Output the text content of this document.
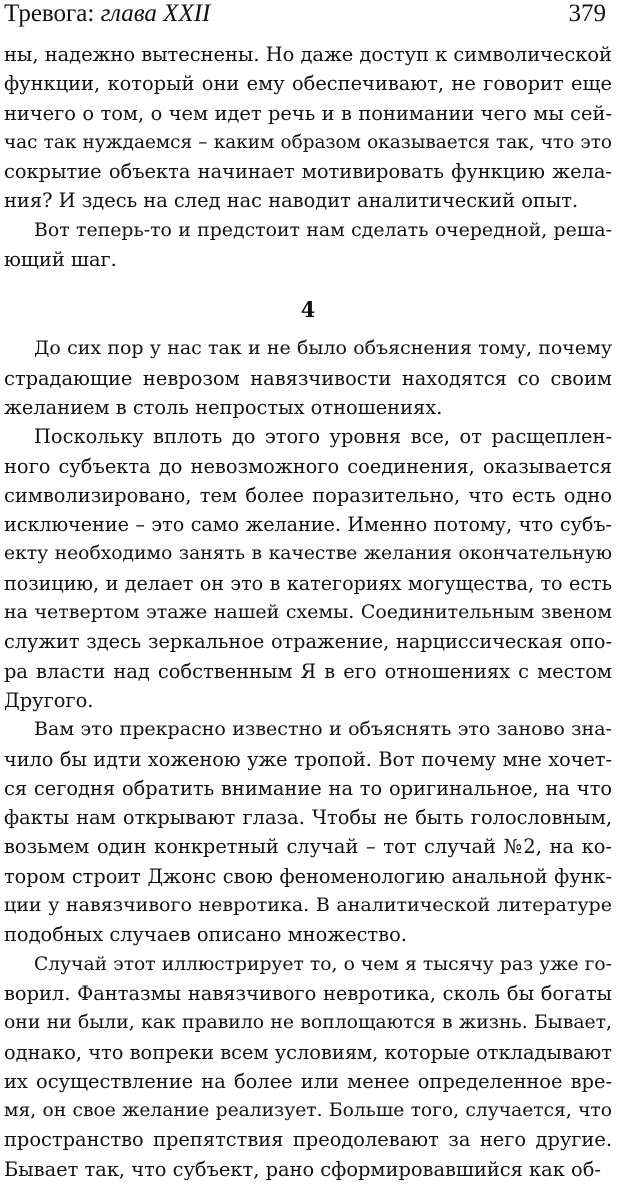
Тревога: глава XXII	379
ны, надежно вытеснены. Но даже доступ к символической
функции, который они ему обеспечивают, не говорит еще
ничего о том, о чем идет речь и в понимании чего мы сей-
час так нуждаемся – каким образом оказывается так, что это
сокрытие объекта начинает мотивировать функцию жела-
ния? И здесь на след нас наводит аналитический опыт.
Вот теперь-то и предстоит нам сделать очередной, реша-
ющий шаг.
4
До сих пор у нас так и не было объяснения тому, почему
страдающие неврозом навязчивости находятся со своим
желанием в столь непростых отношениях.
Поскольку вплоть до этого уровня все, от расщеплен-
ного субъекта до невозможного соединения, оказывается
символизировано, тем более поразительно, что есть одно
исключение – это само желание. Именно потому, что субъ-
екту необходимо занять в качестве желания окончательную
позицию, и делает он это в категориях могущества, то есть
на четвертом этаже нашей схемы. Соединительным звеном
служит здесь зеркальное отражение, нарциссическая опо-
ра власти над собственным Я в его отношениях с местом
Другого.
Вам это прекрасно известно и объяснять это заново зна-
чило бы идти хоженою уже тропой. Вот почему мне хочет-
ся сегодня обратить внимание на то оригинальное, на что
факты нам открывают глаза. Чтобы не быть голословным,
возьмем один конкретный случай – тот случай №2, на ко-
тором строит Джонс свою феноменологию анальной функ-
ции у навязчивого невротика. В аналитической литературе
подобных случаев описано множество.
Случай этот иллюстрирует то, о чем я тысячу раз уже го-
ворил. Фантазмы навязчивого невротика, сколь бы богаты
они ни были, как правило не воплощаются в жизнь. Бывает,
однако, что вопреки всем условиям, которые откладывают
их осуществление на более или менее определенное вре-
мя, он свое желание реализует. Больше того, случается, что
пространство препятствия преодолевают за него другие.
Бывает так, что субъект, рано сформировавшийся как об-
